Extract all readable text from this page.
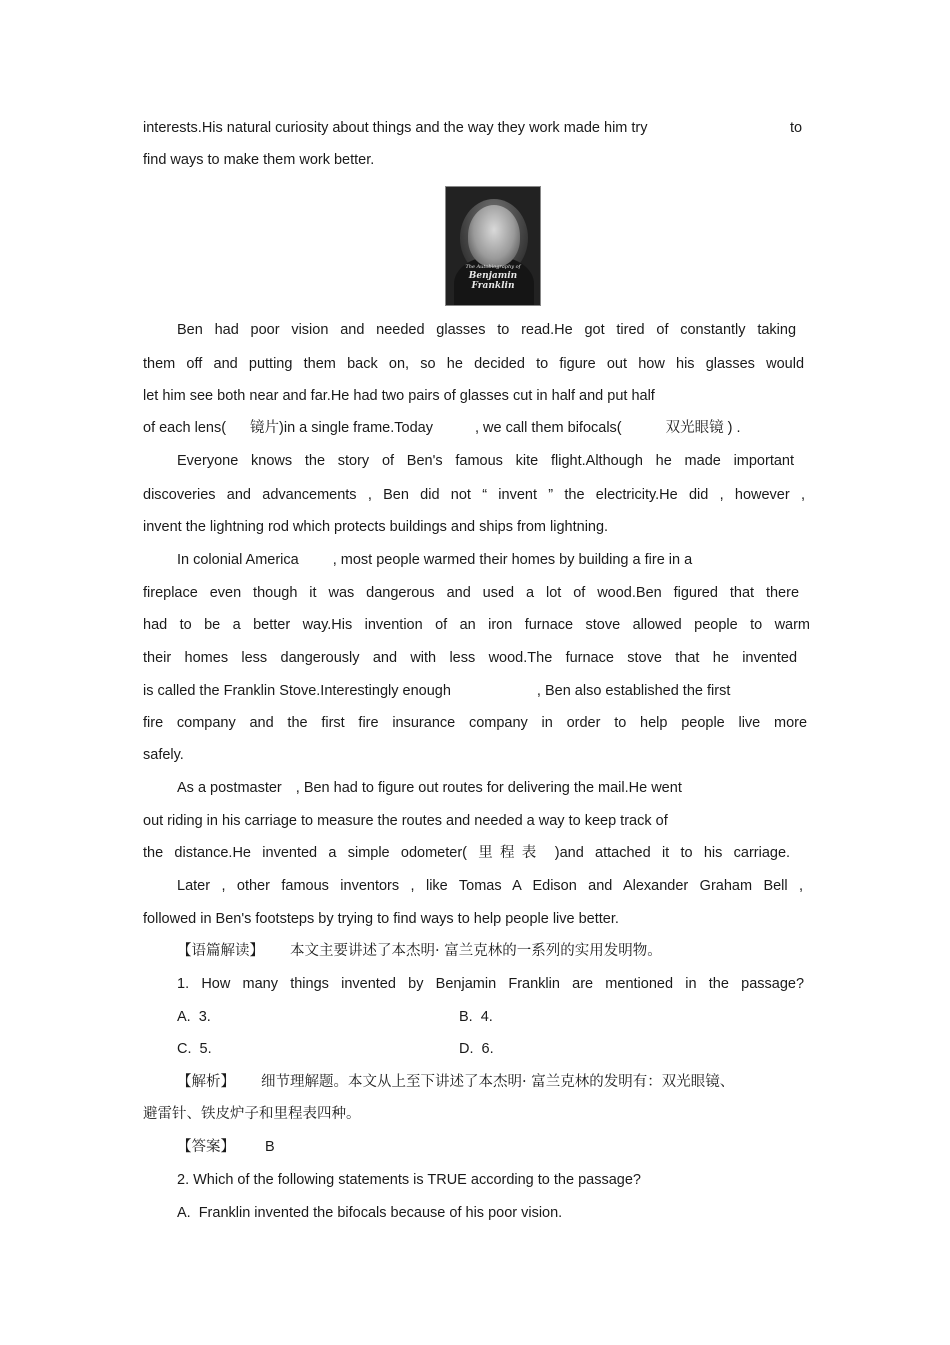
interests.His natural curiosity about things and the way they work made him try	to
find ways to make them work better.
The Autobiography of
Benjamin
Franklin
Ben had poor vision and needed glasses to read.He got tired of constantly taking
them off and putting them back on, so he decided to figure out how his glasses would
let him see both near and far.He had two pairs of glasses cut in half and put half
of each lens( 镜片)in a single frame.Today	, we call them bifocals(	双光眼镜 ) .
Everyone knows the story of Ben's famous kite flight.Although he made important
discoveries and advancements , Ben did not “ invent ” the electricity.He did , however ,
invent the lightning rod which protects buildings and ships from lightning.
In colonial America , most people warmed their homes by building a fire in a
fireplace even though it was dangerous and used a lot of wood.Ben figured that there
had to be a better way.His invention of an iron furnace stove allowed people to warm
their homes less dangerously and with less wood.The furnace stove that he invented
is called the Franklin Stove.Interestingly enough	, Ben also established the first
fire company and the first fire insurance company in order to help people live more
safely.
As a postmaster , Ben had to figure out routes for delivering the mail.He went
out riding in his carriage to measure the routes and needed a way to keep track of
the distance.He invented a simple odometer( 里程表 )and attached it to his carriage.
Later , other famous inventors , like Tomas A Edison and Alexander Graham Bell ,
followed in Ben's footsteps by trying to find ways to help people live better.
【语篇解读】 本文主要讲述了本杰明· 富兰克林的一系列的实用发明物。
1. How many things invented by Benjamin Franklin are mentioned in the passage?
A. 3.	B. 4.
C. 5.	D. 6.
【解析】 细节理解题。本文从上至下讲述了本杰明· 富兰克林的发明有：双光眼镜、
避雷针、铁皮炉子和里程表四种。
【答案】 B
2. Which of the following statements is TRUE according to the passage?
A. Franklin invented the bifocals because of his poor vision.
